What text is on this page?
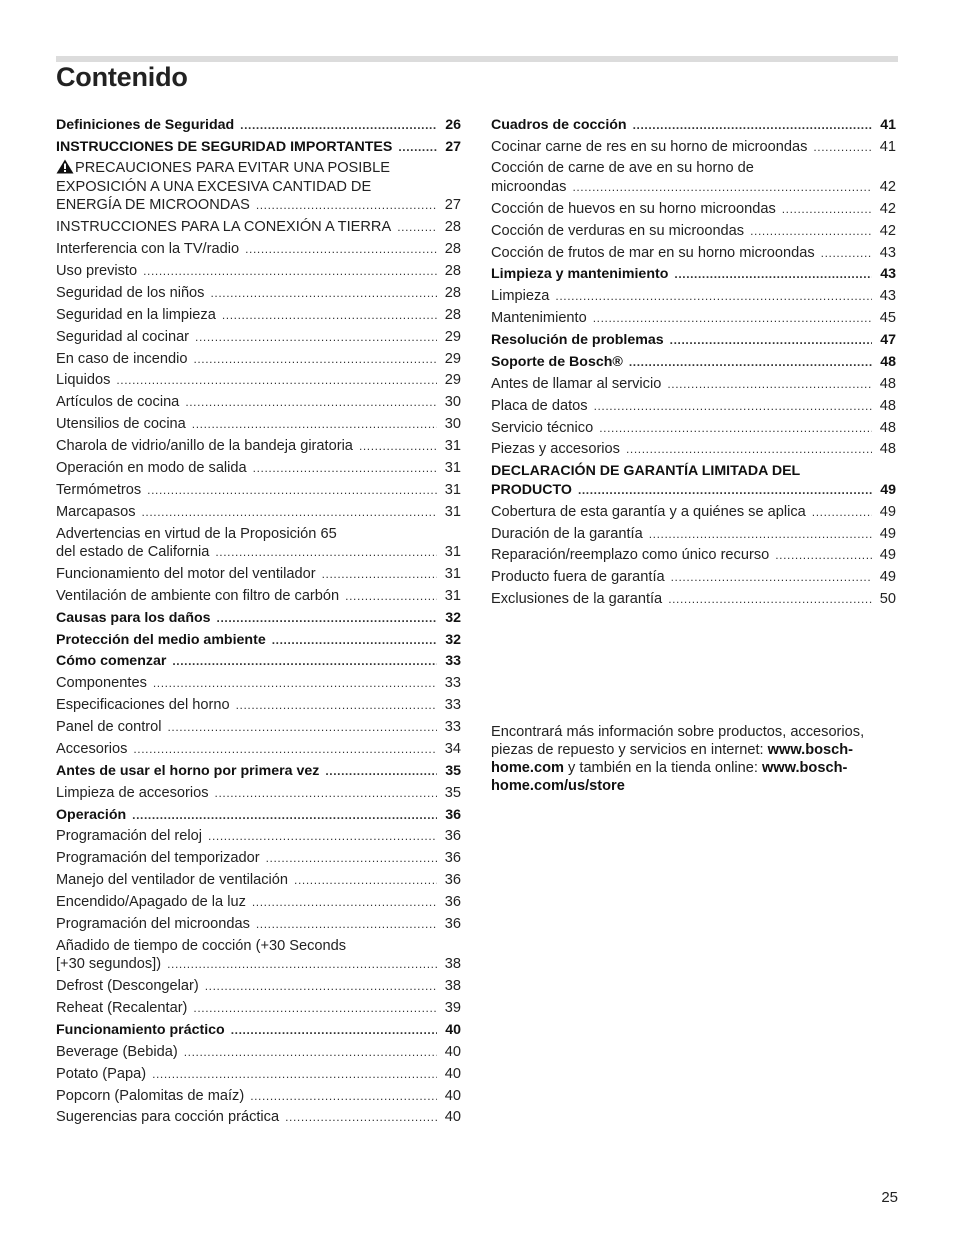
Contenido
Definiciones de Seguridad .....	26
INSTRUCCIONES DE SEGURIDAD IMPORTANTES .....	27
PRECAUCIONES PARA EVITAR UNA POSIBLE
EXPOSICIÓN A UNA EXCESIVA CANTIDAD DE
ENERGÍA DE MICROONDAS .....	27
INSTRUCCIONES PARA LA CONEXIÓN A TIERRA .....	28
Interferencia con la TV/radio .....	28
Uso previsto .....	28
Seguridad de los niños .....	28
Seguridad en la limpieza .....	28
Seguridad al cocinar .....	29
En caso de incendio .....	29
Liquidos .....	29
Artículos de cocina .....	30
Utensilios de cocina .....	30
Charola de vidrio/anillo de la bandeja giratoria .....	31
Operación en modo de salida .....	31
Termómetros .....	31
Marcapasos .....	31
Advertencias en virtud de la Proposición 65
del estado de California .....	31
Funcionamiento del motor del ventilador .....	31
Ventilación de ambiente con filtro de carbón .....	31
Causas para los daños .....	32
Protección del medio ambiente .....	32
Cómo comenzar .....	33
Componentes .....	33
Especificaciones del horno .....	33
Panel de control .....	33
Accesorios .....	34
Antes de usar el horno por primera vez .....	35
Limpieza de accesorios .....	35
Operación .....	36
Programación del reloj .....	36
Programación del temporizador .....	36
Manejo del ventilador de ventilación .....	36
Encendido/Apagado de la luz .....	36
Programación del microondas .....	36
Añadido de tiempo de cocción (+30 Seconds
[+30 segundos]) .....	38
Defrost (Descongelar) .....	38
Reheat (Recalentar) .....	39
Funcionamiento práctico .....	40
Beverage (Bebida) .....	40
Potato (Papa) .....	40
Popcorn (Palomitas de maíz) .....	40
Sugerencias para cocción práctica .....	40
Cuadros de cocción .....	41
Cocinar carne de res en su horno de microondas .....	41
Cocción de carne de ave en su horno de
microondas .....	42
Cocción de huevos en su horno microondas .....	42
Cocción de verduras en su microondas .....	42
Cocción de frutos de mar en su horno microondas .....	43
Limpieza y mantenimiento .....	43
Limpieza .....	43
Mantenimiento .....	45
Resolución de problemas .....	47
Soporte de Bosch® .....	48
Antes de llamar al servicio .....	48
Placa de datos .....	48
Servicio técnico .....	48
Piezas y accesorios .....	48
DECLARACIÓN DE GARANTÍA LIMITADA DEL
PRODUCTO .....	49
Cobertura de esta garantía y a quiénes se aplica .....	49
Duración de la garantía .....	49
Reparación/reemplazo como único recurso .....	49
Producto fuera de garantía .....	49
Exclusiones de la garantía .....	50

Encontrará más información sobre productos, accesorios, piezas de repuesto y servicios en internet: www.bosch-home.com y también en la tienda online: www.bosch-home.com/us/store

25
